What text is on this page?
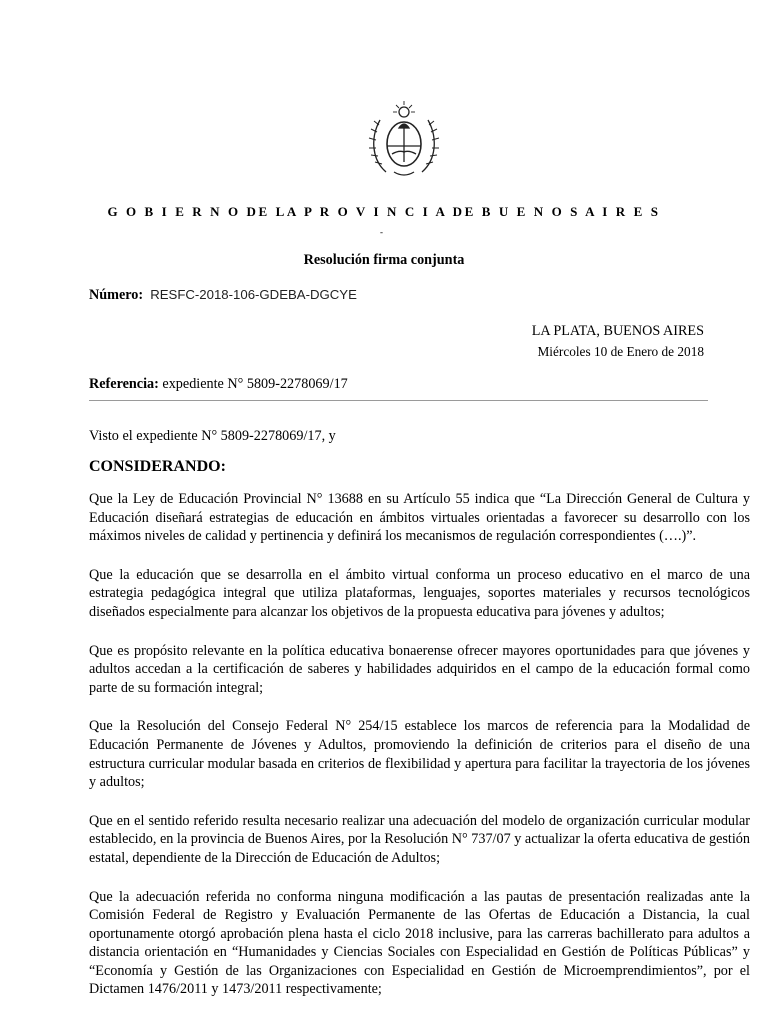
G O B I E R N O DE LA P R O V I N C I A DE B U E N O S A I R E S
-
Resolución firma conjunta
Número: RESFC-2018-106-GDEBA-DGCYE
LA PLATA, BUENOS AIRES
Miércoles 10 de Enero de 2018
Referencia: expediente N° 5809-2278069/17
Visto el expediente N° 5809-2278069/17, y
CONSIDERANDO:

Que la Ley de Educación Provincial N° 13688 en su Artículo 55 indica que “La Dirección General de Cultura y Educación diseñará estrategias de educación en ámbitos virtuales orientadas a favorecer su desarrollo con los máximos niveles de calidad y pertinencia y definirá los mecanismos de regulación correspondientes (….)”.

Que la educación que se desarrolla en el ámbito virtual conforma un proceso educativo en el marco de una estrategia pedagógica integral que utiliza plataformas, lenguajes, soportes materiales y recursos tecnológicos diseñados especialmente para alcanzar los objetivos de la propuesta educativa para jóvenes y adultos;

Que es propósito relevante en la política educativa bonaerense ofrecer mayores oportunidades para que jóvenes y adultos accedan a la certificación de saberes y habilidades adquiridos en el campo de la educación formal como parte de su formación integral;

Que la Resolución del Consejo Federal N° 254/15 establece los marcos de referencia para la Modalidad de Educación Permanente de Jóvenes y Adultos, promoviendo la definición de criterios para el diseño de una estructura curricular modular basada en criterios de flexibilidad y apertura para facilitar la trayectoria de los jóvenes y adultos;

Que en el sentido referido resulta necesario realizar una adecuación del modelo de organización curricular modular establecido, en la provincia de Buenos Aires, por la Resolución N° 737/07 y actualizar la oferta educativa de gestión estatal, dependiente de la Dirección de Educación de Adultos;

Que la adecuación referida no conforma ninguna modificación a las pautas de presentación realizadas ante la Comisión Federal de Registro y Evaluación Permanente de las Ofertas de Educación a Distancia, la cual oportunamente otorgó aprobación plena hasta el ciclo 2018 inclusive, para las carreras bachillerato para adultos a distancia orientación en “Humanidades y Ciencias Sociales con Especialidad en Gestión de Políticas Públicas” y “Economía y Gestión de las Organizaciones con Especialidad en Gestión de Microemprendimientos”, por el Dictamen 1476/2011 y 1473/2011 respectivamente;
